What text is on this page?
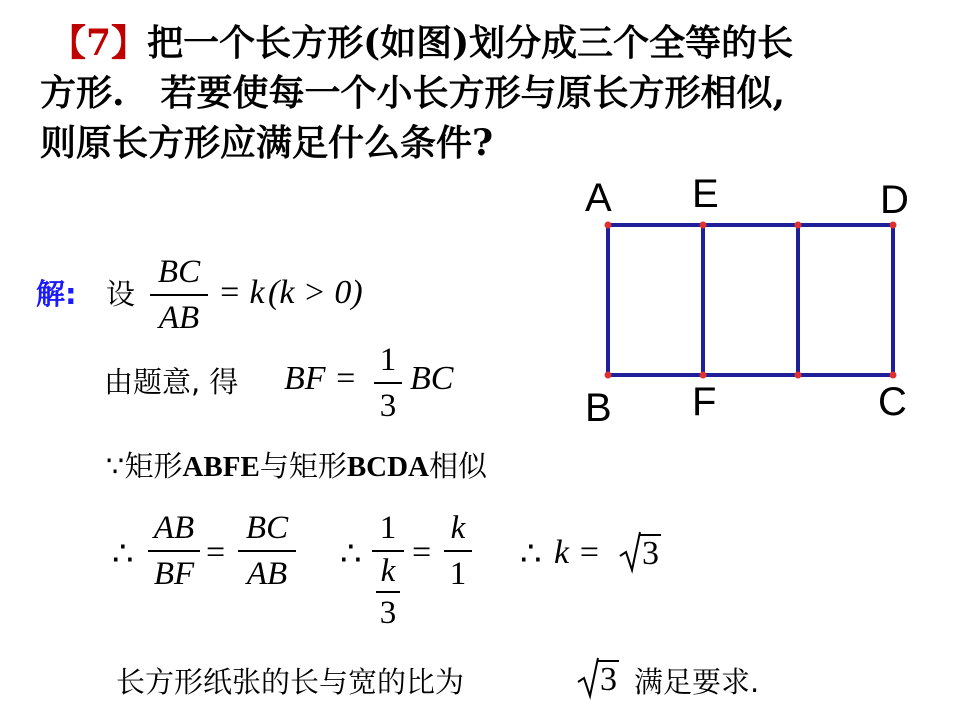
【7】把一个长方形(如图)划分成三个全等的长
方形.　若要使每一个小长方形与原长方形相似,
则原长方形应满足什么条件?
A E	D
B F	C
解: 设
BC
AB
= k (k > 0)
由题意, 得 BF = 1
3
BC
∵矩形ABFE与矩形BCDA相似
∴
AB
BF
=
BC
AB
∴
1
k
3
=
k
1
∴ k = 3
长方形纸张的长与宽的比为	3 满足要求.
